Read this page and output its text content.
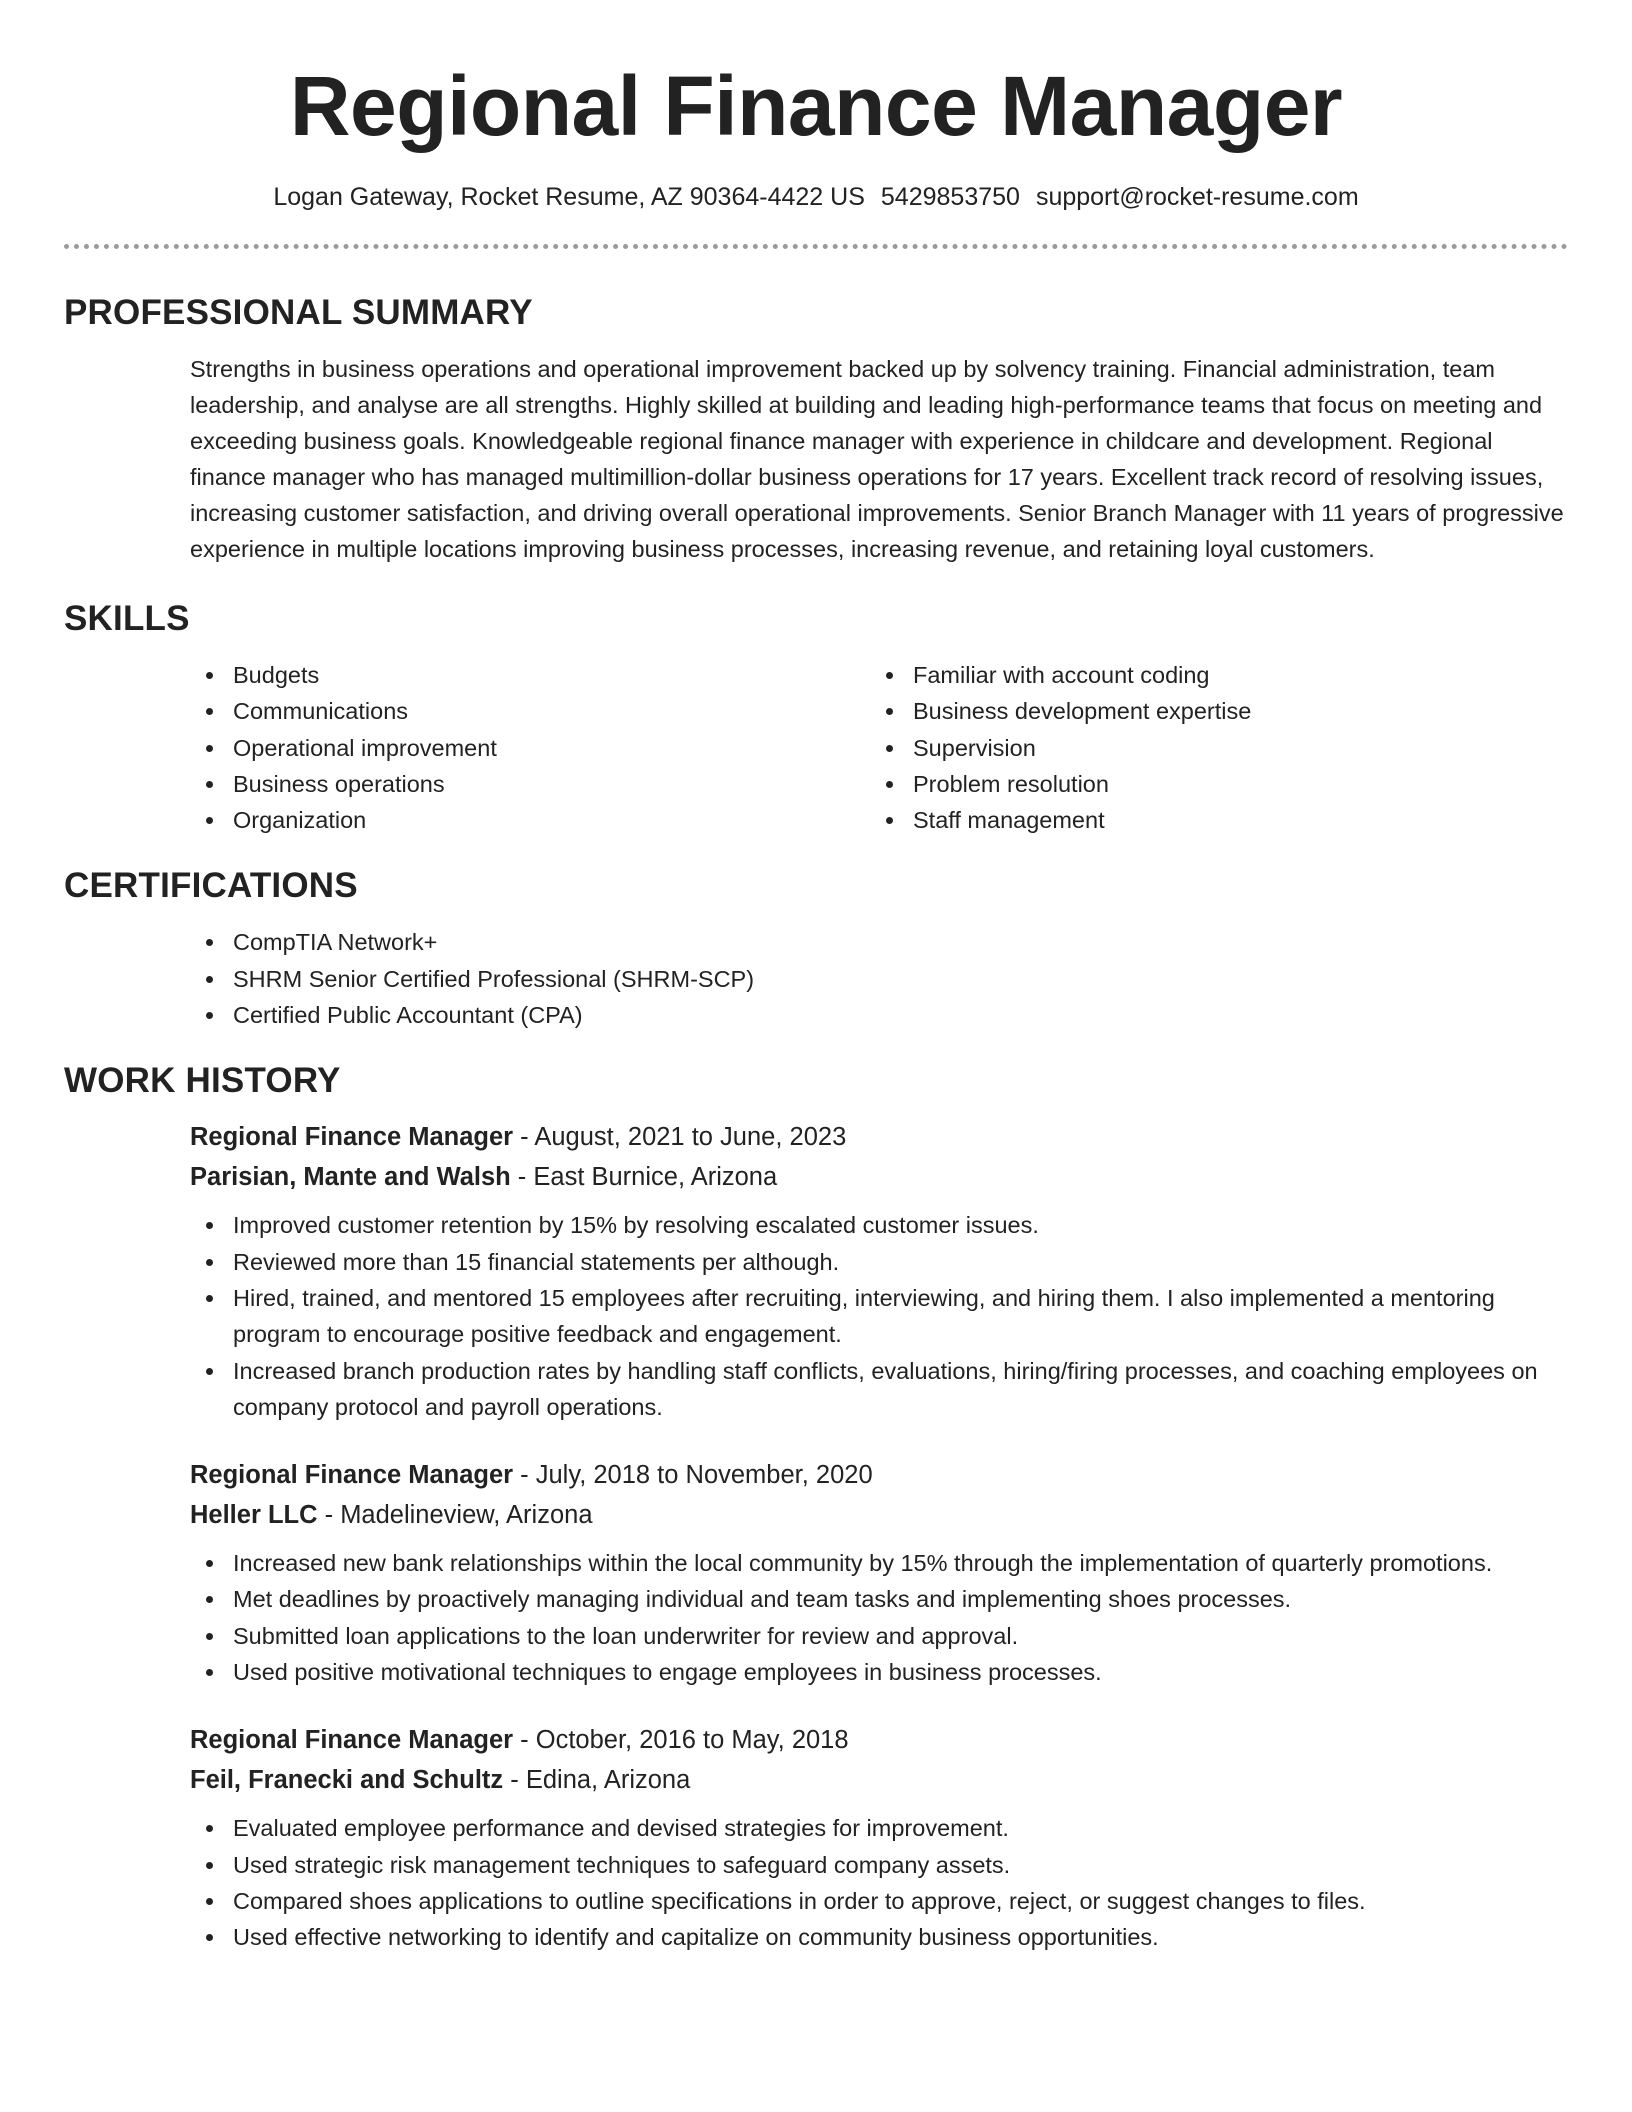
Regional Finance Manager
Logan Gateway, Rocket Resume, AZ 90364-4422 US 5429853750 support@rocket-resume.com
PROFESSIONAL SUMMARY

Strengths in business operations and operational improvement backed up by solvency training. Financial administration, team leadership, and analyse are all strengths. Highly skilled at building and leading high-performance teams that focus on meeting and exceeding business goals. Knowledgeable regional finance manager with experience in childcare and development. Regional finance manager who has managed multimillion-dollar business operations for 17 years. Excellent track record of resolving issues, increasing customer satisfaction, and driving overall operational improvements. Senior Branch Manager with 11 years of progressive experience in multiple locations improving business processes, increasing revenue, and retaining loyal customers.

SKILLS
Budgets
Communications
Operational improvement
Business operations
Organization
Familiar with account coding
Business development expertise
Supervision
Problem resolution
Staff management
CERTIFICATIONS
CompTIA Network+
SHRM Senior Certified Professional (SHRM-SCP)
Certified Public Accountant (CPA)
WORK HISTORY
Regional Finance Manager - August, 2021 to June, 2023
Parisian, Mante and Walsh - East Burnice, Arizona
Improved customer retention by 15% by resolving escalated customer issues.
Reviewed more than 15 financial statements per although.
Hired, trained, and mentored 15 employees after recruiting, interviewing, and hiring them. I also implemented a mentoring program to encourage positive feedback and engagement.
Increased branch production rates by handling staff conflicts, evaluations, hiring/firing processes, and coaching employees on company protocol and payroll operations.
Regional Finance Manager - July, 2018 to November, 2020
Heller LLC - Madelineview, Arizona
Increased new bank relationships within the local community by 15% through the implementation of quarterly promotions.
Met deadlines by proactively managing individual and team tasks and implementing shoes processes.
Submitted loan applications to the loan underwriter for review and approval.
Used positive motivational techniques to engage employees in business processes.
Regional Finance Manager - October, 2016 to May, 2018
Feil, Franecki and Schultz - Edina, Arizona
Evaluated employee performance and devised strategies for improvement.
Used strategic risk management techniques to safeguard company assets.
Compared shoes applications to outline specifications in order to approve, reject, or suggest changes to files.
Used effective networking to identify and capitalize on community business opportunities.
